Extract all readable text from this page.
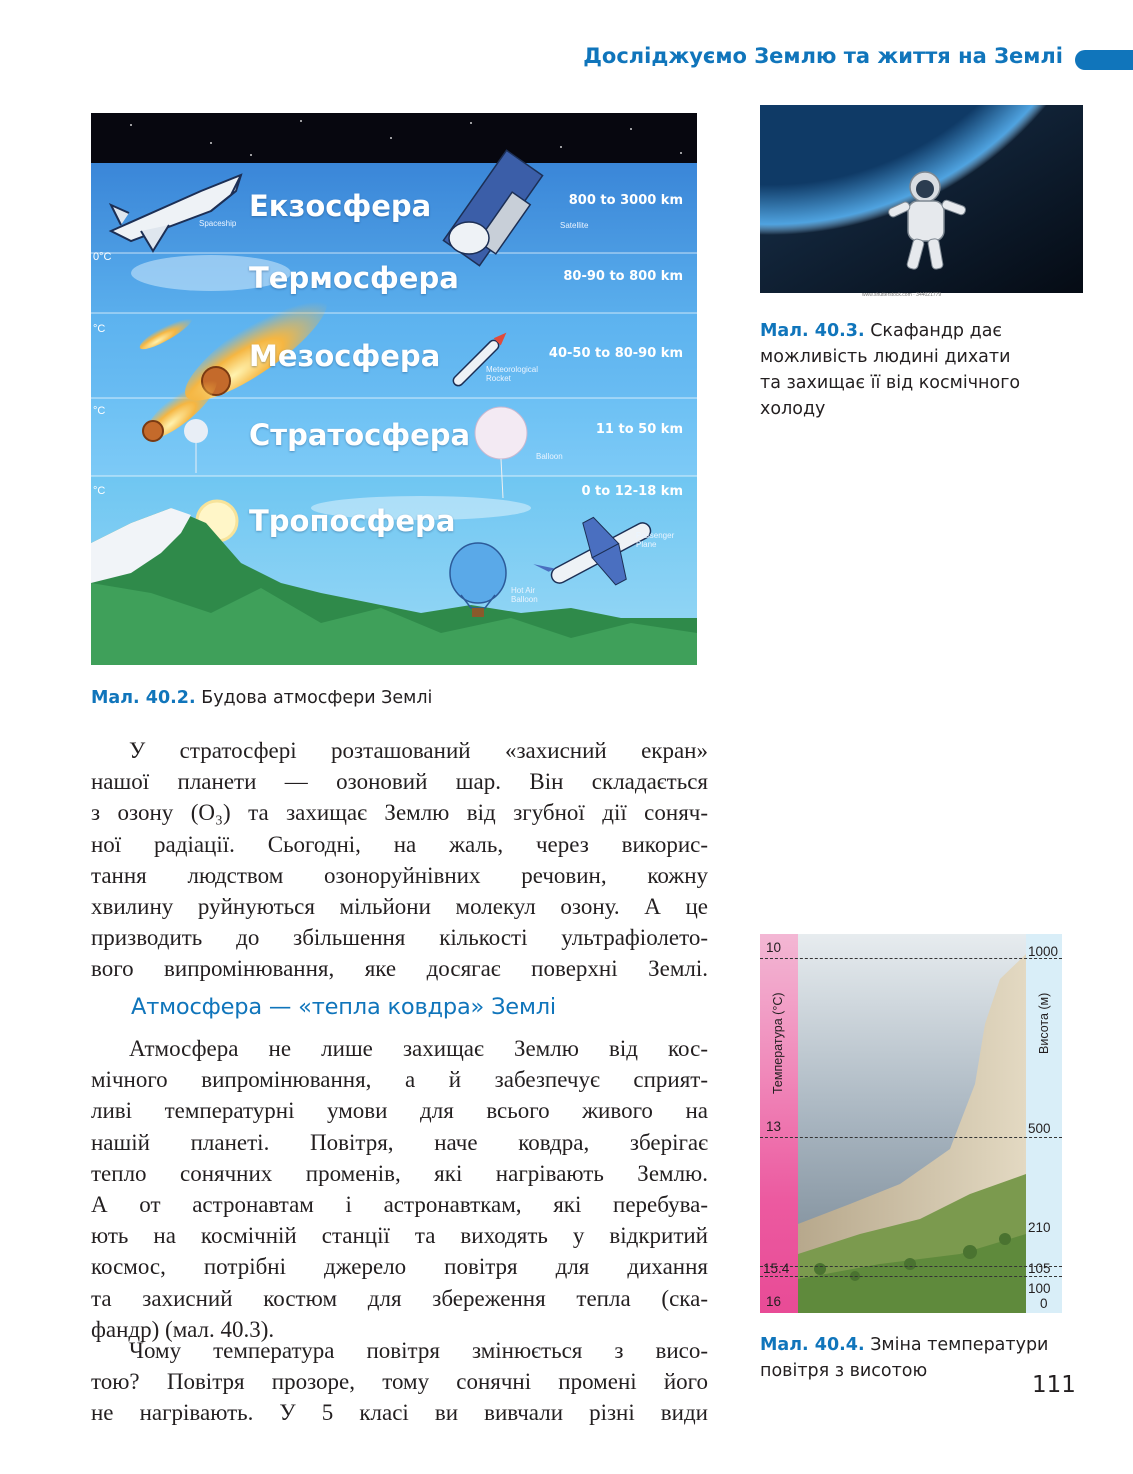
Досліджуємо Землю та життя на Землі
Екзосфера	800 to 3000 km
Spaceship	Satellite
0°C
Термосфера	80-90 to 800 km
°C
Мезосфера	40-50 to 80-90 km
Meteorological Rocket
°C
Стратосфера	11 to 50 km
Balloon
°C
Тропосфера
0 to 12-18 km
Passenger Plane
Hot Air Balloon
Мал. 40.2. Будова атмосфери Землі
www.shutterstock.com · 344021779
Мал. 40.3. Скафандр дає
можливість людині дихати
та захищає її від космічного
холоду
У стратосфері розташований «захисний екран»
нашої планети — озоновий шар. Він складається
з озону (O₃) та захищає Землю від згубної дії соняч-
ної радіації. Сьогодні, на жаль, через викорис-
тання людством озоноруйнівних речовин, кожну
хвилину руйнуються мільйони молекул озону. А це
призводить до збільшення кількості ультрафіолето-
вого випромінювання, яке досягає поверхні Землі.
Атмосфера — «тепла ковдра» Землі
Атмосфера не лише захищає Землю від кос-
мічного випромінювання, а й забезпечує сприят-
ливі температурні умови для всього живого на
нашій планеті. Повітря, наче ковдра, зберігає
тепло сонячних променів, які нагрівають Землю.
А от астронавтам і астронавткам, які перебува-
ють на космічній станції та виходять у відкритий
космос, потрібні джерело повітря для дихання
та захисний костюм для збереження тепла (ска-
фандр) (мал. 40.3).
Чому температура повітря змінюється з висо-
тою? Повітря прозоре, тому сонячні промені його
не нагрівають. У 5 класі ви вивчали різні види
10
13
15.4
16
1000
500
210
105
100
0
Температура (°C)	Висота (м)
Мал. 40.4. Зміна температури
повітря з висотою
111
